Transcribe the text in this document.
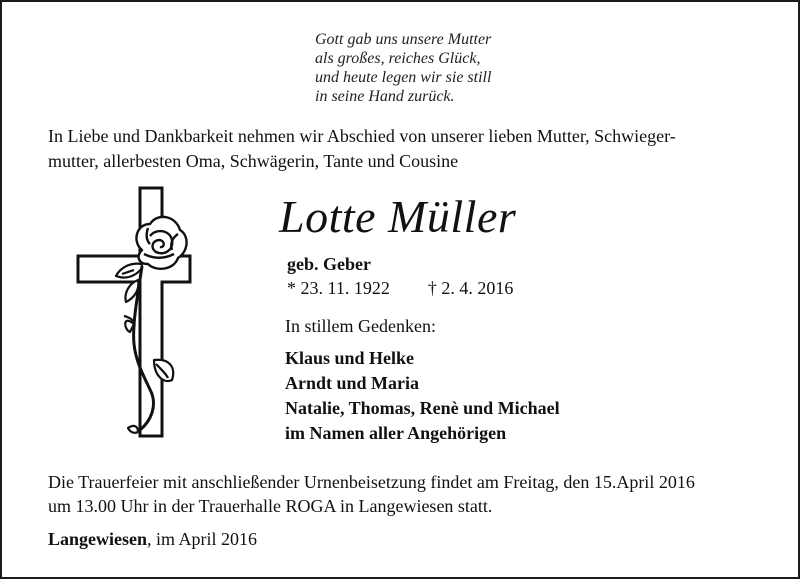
Gott gab uns unsere Mutter
als großes, reiches Glück,
und heute legen wir sie still
in seine Hand zurück.
In Liebe und Dankbarkeit nehmen wir Abschied von unserer lieben Mutter, Schwieger-
mutter, allerbesten Oma, Schwägerin, Tante und Cousine
Lotte Müller
geb. Geber
* 23. 11. 1922 † 2. 4. 2016
In stillem Gedenken:
Klaus und Helke
Arndt und Maria
Natalie, Thomas, Renè und Michael
im Namen aller Angehörigen
Die Trauerfeier mit anschließender Urnenbeisetzung findet am Freitag, den 15.April 2016
um 13.00 Uhr in der Trauerhalle ROGA in Langewiesen statt.
Langewiesen, im April 2016
